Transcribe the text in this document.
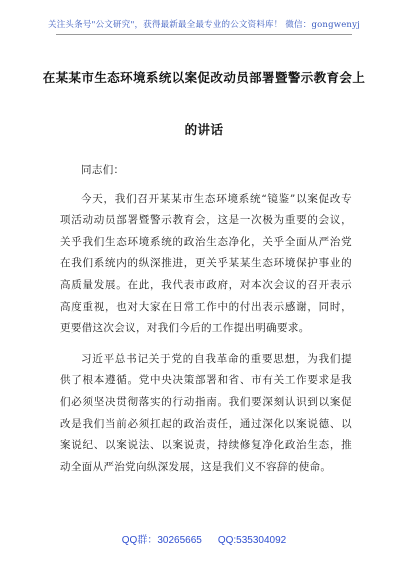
关注头条号"公文研究"，获得最新最全最专业的公文资料库！ 微信：gongwenyj
在某某市生态环境系统以案促改动员部署暨警示教育会上
的讲话

同志们：

今天，我们召开某某市生态环境系统“镜鉴”以案促改专项活动动员部署暨警示教育会，这是一次极为重要的会议，关乎我们生态环境系统的政治生态净化，关乎全面从严治党在我们系统内的纵深推进，更关乎某某生态环境保护事业的高质量发展。在此，我代表市政府，对本次会议的召开表示高度重视，也对大家在日常工作中的付出表示感谢，同时，更要借这次会议，对我们今后的工作提出明确要求。

习近平总书记关于党的自我革命的重要思想，为我们提供了根本遵循。党中央决策部署和省、市有关工作要求是我们必须坚决贯彻落实的行动指南。我们要深刻认识到以案促改是我们当前必须扛起的政治责任，通过深化以案说德、以案说纪、以案说法、以案说责，持续修复净化政治生态，推动全面从严治党向纵深发展，这是我们义不容辞的使命。

QQ群：30265665 QQ:535304092
